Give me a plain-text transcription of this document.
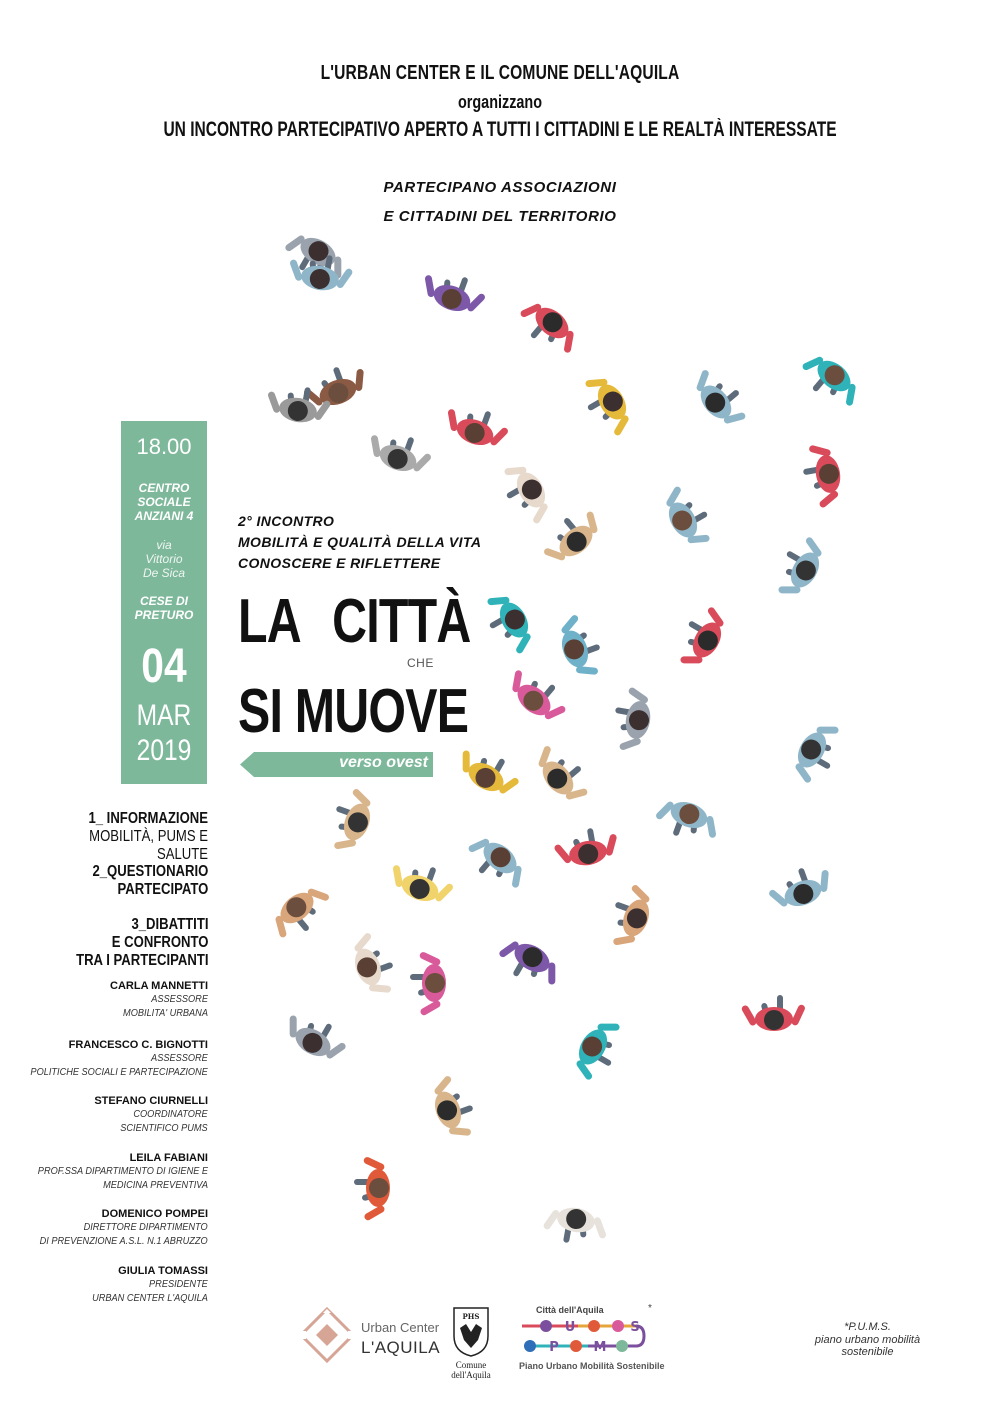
L'URBAN CENTER E IL COMUNE DELL'AQUILA
organizzano
UN INCONTRO PARTECIPATIVO APERTO A TUTTI I CITTADINI E LE REALTÀ INTERESSATE
PARTECIPANO ASSOCIAZIONI
E CITTADINI DEL TERRITORIO
18.00
CENTRO
SOCIALE
ANZIANI 4
via
Vittorio
De Sica
CESE DI
PRETURO
04
MAR
2019
2° INCONTRO
MOBILITÀ E QUALITÀ DELLA VITA
CONOSCERE E RIFLETTERE
LA CITTÀ
CHE
SI MUOVE
verso ovest
1_ INFORMAZIONE
MOBILITÀ, PUMS E SALUTE
2_QUESTIONARIO
PARTECIPATO
3_DIBATTITI
E CONFRONTO
TRA I PARTECIPANTI
CARLA MANNETTI
ASSESSORE
MOBILITA' URBANA
FRANCESCO C. BIGNOTTI
ASSESSORE
POLITICHE SOCIALI E PARTECIPAZIONE
STEFANO CIURNELLI
COORDINATORE
SCIENTIFICO PUMS
LEILA FABIANI
PROF.SSA DIPARTIMENTO DI IGIENE E
MEDICINA PREVENTIVA
DOMENICO POMPEI
DIRETTORE DIPARTIMENTO
DI PREVENZIONE A.S.L. N.1 ABRUZZO
GIULIA TOMASSI
PRESIDENTE
URBAN CENTER L'AQUILA
Urban Center
L'AQUILA
PHS
Comune dell'Aquila
Città dell'Aquila	*
U	S
P	M
Piano Urbano Mobilità Sostenibile
*P.U.M.S.
piano urbano mobilità
sostenibile
